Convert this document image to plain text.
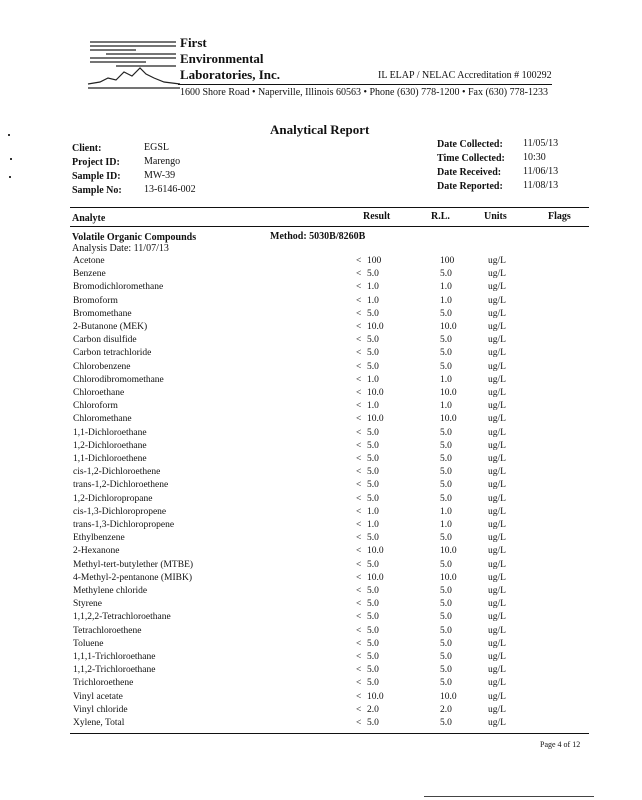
First
Environmental
Laboratories, Inc.	IL ELAP / NELAC Accreditation # 100292
1600 Shore Road • Naperville, Illinois 60563 • Phone (630) 778-1200 • Fax (630) 778-1233
Analytical Report
Client:	EGSL
Project ID: Marengo
Sample ID: MW-39
Sample No: 13-6146-002
Date Collected: 11/05/13
Time Collected: 10:30
Date Received: 11/06/13
Date Reported: 11/08/13
Analyte	Result	R.L.	Units	Flags
Volatile Organic Compounds	Method: 5030B/8260B
Analysis Date: 11/07/13
Acetone	< 100	100	ug/L
Benzene	< 5.0	5.0	ug/L
Bromodichloromethane	< 1.0	1.0	ug/L
Bromoform	< 1.0	1.0	ug/L
Bromomethane	< 5.0	5.0	ug/L
2-Butanone (MEK)	< 10.0	10.0	ug/L
Carbon disulfide	< 5.0	5.0	ug/L
Carbon tetrachloride	< 5.0	5.0	ug/L
Chlorobenzene	< 5.0	5.0	ug/L
Chlorodibromomethane	< 1.0	1.0	ug/L
Chloroethane	< 10.0	10.0	ug/L
Chloroform	< 1.0	1.0	ug/L
Chloromethane	< 10.0	10.0	ug/L
1,1-Dichloroethane	< 5.0	5.0	ug/L
1,2-Dichloroethane	< 5.0	5.0	ug/L
1,1-Dichloroethene	< 5.0	5.0	ug/L
cis-1,2-Dichloroethene	< 5.0	5.0	ug/L
trans-1,2-Dichloroethene	< 5.0	5.0	ug/L
1,2-Dichloropropane	< 5.0	5.0	ug/L
cis-1,3-Dichloropropene	< 1.0	1.0	ug/L
trans-1,3-Dichloropropene	< 1.0	1.0	ug/L
Ethylbenzene	< 5.0	5.0	ug/L
2-Hexanone	< 10.0	10.0	ug/L
Methyl-tert-butylether (MTBE)	< 5.0	5.0	ug/L
4-Methyl-2-pentanone (MIBK)	< 10.0	10.0	ug/L
Methylene chloride	< 5.0	5.0	ug/L
Styrene	< 5.0	5.0	ug/L
1,1,2,2-Tetrachloroethane	< 5.0	5.0	ug/L
Tetrachloroethene	< 5.0	5.0	ug/L
Toluene	< 5.0	5.0	ug/L
1,1,1-Trichloroethane	< 5.0	5.0	ug/L
1,1,2-Trichloroethane	< 5.0	5.0	ug/L
Trichloroethene	< 5.0	5.0	ug/L
Vinyl acetate	< 10.0	10.0	ug/L
Vinyl chloride	< 2.0	2.0	ug/L
Xylene, Total	< 5.0	5.0	ug/L
Page 4 of 12
